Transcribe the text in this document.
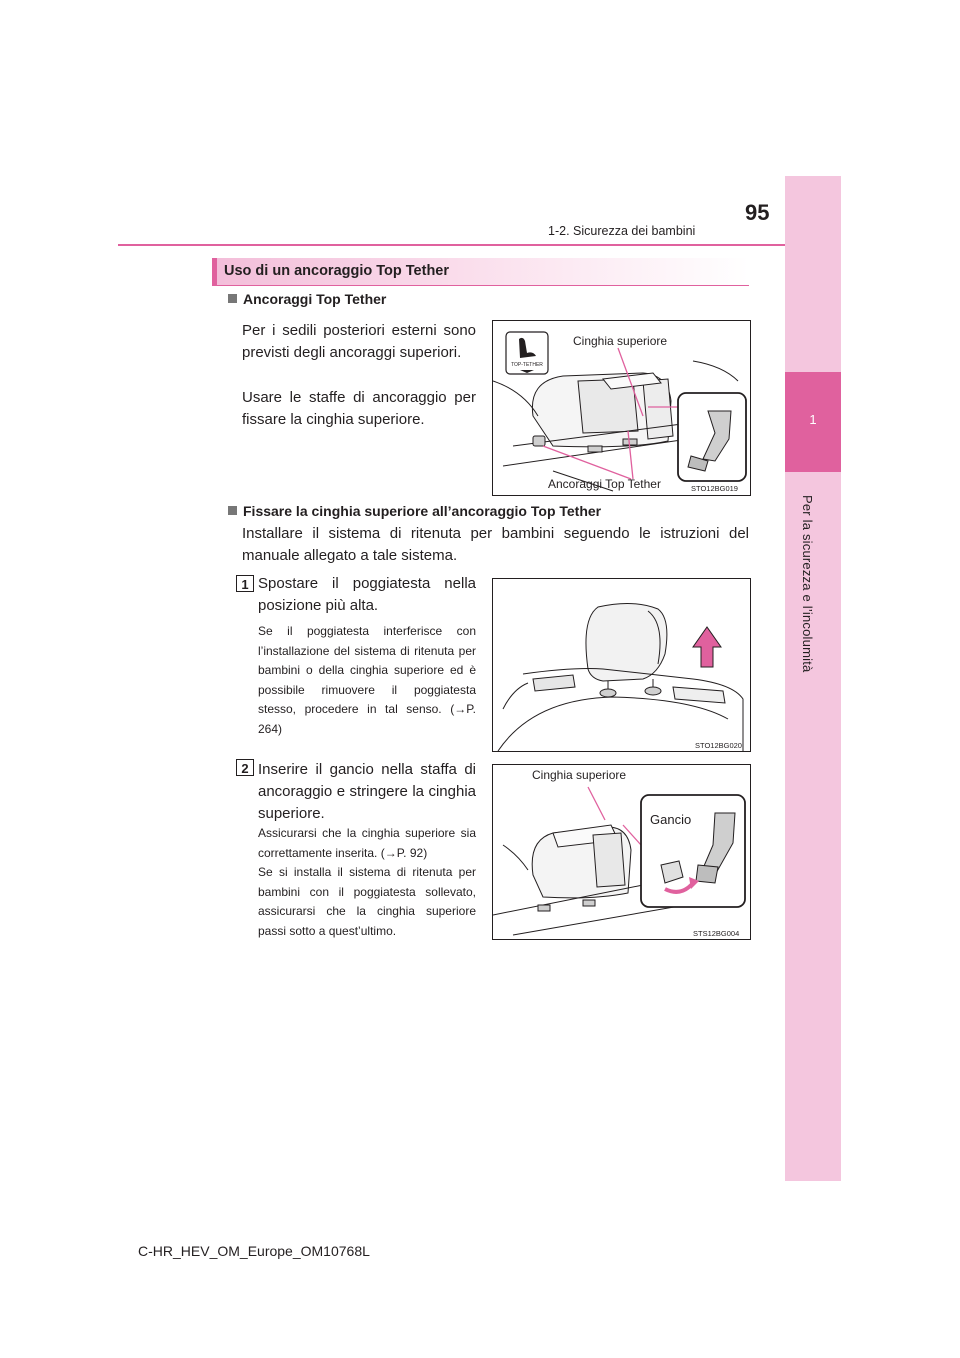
1
Per la sicurezza e l’incolumità
1-2. Sicurezza dei bambini
95
Uso di un ancoraggio Top Tether
Ancoraggi Top Tether
Per i sedili posteriori esterni sono previsti degli ancoraggi superiori.
Usare le staffe di ancoraggio per fissare la cinghia superiore.
TOP-TETHER
Cinghia superiore
Ancoraggi Top Tether	STO12BG019
Fissare la cinghia superiore all’ancoraggio Top Tether
Installare il sistema di ritenuta per bambini seguendo le istruzioni del manuale allegato a tale sistema.
1 Spostare il poggiatesta nella posizione più alta.
Se il poggiatesta interferisce con l’installazione del sistema di ritenuta per bambini o della cinghia superiore ed è possibile rimuovere il poggiatesta stesso, procedere in tal senso. (→P. 264)
STO12BG020
2 Inserire il gancio nella staffa di ancoraggio e stringere la cinghia superiore.
Assicurarsi che la cinghia superiore sia correttamente inserita. (→P. 92)
Se si installa il sistema di ritenuta per bambini con il poggiatesta sollevato, assicurarsi che la cinghia superiore passi sotto a quest’ultimo.
Cinghia superiore
Gancio
STS12BG004
C-HR_HEV_OM_Europe_OM10768L
